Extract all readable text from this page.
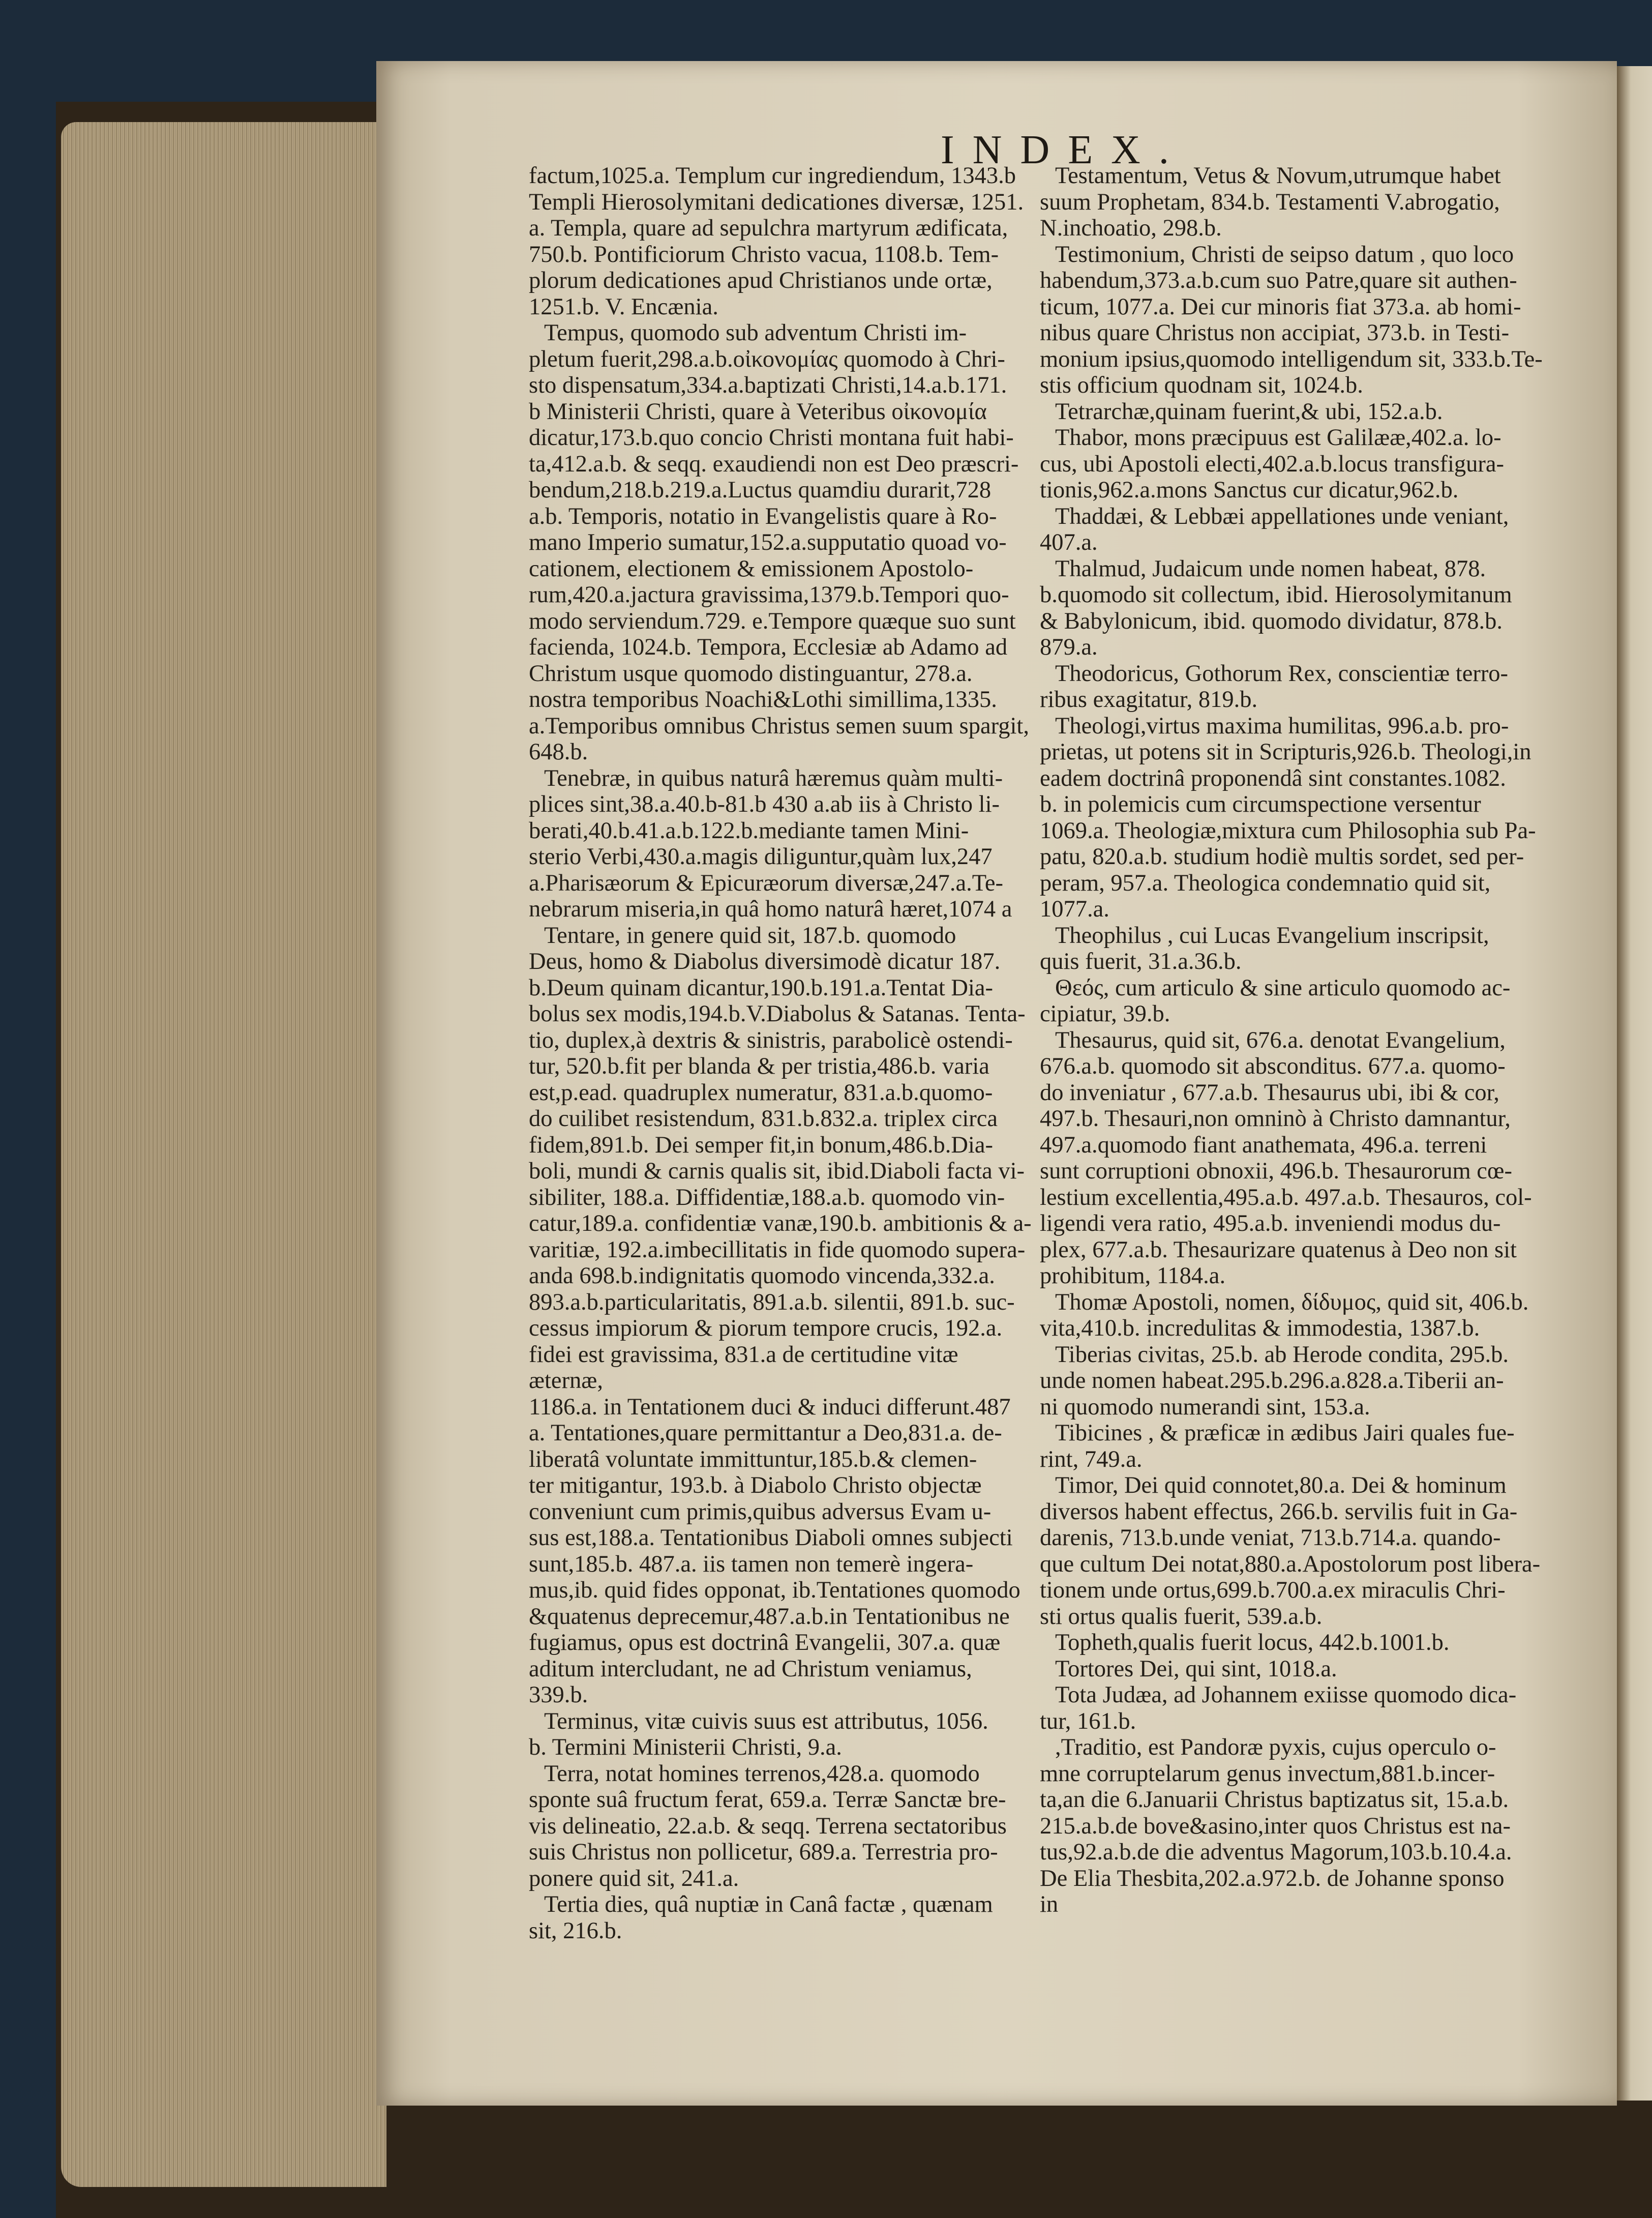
INDEX.

factum,1025.a. Templum cur ingrediendum, 1343.b

Templi Hierosolymitani dedicationes diversæ, 1251.

a. Templa, quare ad sepulchra martyrum ædificata,

750.b. Pontificiorum Christo vacua, 1108.b. Tem-

plorum dedicationes apud Christianos unde ortæ,

1251.b. V. Encænia.

Tempus, quomodo sub adventum Christi im-

pletum fuerit,298.a.b.οἰκονομίας quomodo à Chri-

sto dispensatum,334.a.baptizati Christi,14.a.b.171.

b Ministerii Christi, quare à Veteribus οἰκονομία

dicatur,173.b.quo concio Christi montana fuit habi-

ta,412.a.b. & seqq. exaudiendi non est Deo præscri-

bendum,218.b.219.a.Luctus quamdiu durarit,728

a.b. Temporis, notatio in Evangelistis quare à Ro-

mano Imperio sumatur,152.a.supputatio quoad vo-

cationem, electionem & emissionem Apostolo-

rum,420.a.jactura gravissima,1379.b.Tempori quo-

modo serviendum.729. e.Tempore quæque suo sunt

facienda, 1024.b. Tempora, Ecclesiæ ab Adamo ad

Christum usque quomodo distinguantur, 278.a.

nostra temporibus Noachi&Lothi simillima,1335.

a.Temporibus omnibus Christus semen suum spargit,

648.b.

Tenebræ, in quibus naturâ hæremus quàm multi-

plices sint,38.a.40.b-81.b 430 a.ab iis à Christo li-

berati,40.b.41.a.b.122.b.mediante tamen Mini-

sterio Verbi,430.a.magis diliguntur,quàm lux,247

a.Pharisæorum & Epicuræorum diversæ,247.a.Te-

nebrarum miseria,in quâ homo naturâ hæret,1074 a

Tentare, in genere quid sit, 187.b. quomodo

Deus, homo & Diabolus diversimodè dicatur 187.

b.Deum quinam dicantur,190.b.191.a.Tentat Dia-

bolus sex modis,194.b.V.Diabolus & Satanas. Tenta-

tio, duplex,à dextris & sinistris, parabolicè ostendi-

tur, 520.b.fit per blanda & per tristia,486.b. varia

est,p.ead. quadruplex numeratur, 831.a.b.quomo-

do cuilibet resistendum, 831.b.832.a. triplex circa

fidem,891.b. Dei semper fit,in bonum,486.b.Dia-

boli, mundi & carnis qualis sit, ibid.Diaboli facta vi-

sibiliter, 188.a. Diffidentiæ,188.a.b. quomodo vin-

catur,189.a. confidentiæ vanæ,190.b. ambitionis & a-

varitiæ, 192.a.imbecillitatis in fide quomodo supera-

anda 698.b.indignitatis quomodo vincenda,332.a.

893.a.b.particularitatis, 891.a.b. silentii, 891.b. suc-

cessus impiorum & piorum tempore crucis, 192.a.

fidei est gravissima, 831.a de certitudine vitæ æternæ,

1186.a. in Tentationem duci & induci differunt.487

a. Tentationes,quare permittantur a Deo,831.a. de-

liberatâ voluntate immittuntur,185.b.& clemen-

ter mitigantur, 193.b. à Diabolo Christo objectæ

conveniunt cum primis,quibus adversus Evam u-

sus est,188.a. Tentationibus Diaboli omnes subjecti

sunt,185.b. 487.a. iis tamen non temerè ingera-

mus,ib. quid fides opponat, ib.Tentationes quomodo

&quatenus deprecemur,487.a.b.in Tentationibus ne

fugiamus, opus est doctrinâ Evangelii, 307.a. quæ

aditum intercludant, ne ad Christum veniamus,

339.b.

Terminus, vitæ cuivis suus est attributus, 1056.

b. Termini Ministerii Christi, 9.a.

Terra, notat homines terrenos,428.a. quomodo

sponte suâ fructum ferat, 659.a. Terræ Sanctæ bre-

vis delineatio, 22.a.b. & seqq. Terrena sectatoribus

suis Christus non pollicetur, 689.a. Terrestria pro-

ponere quid sit, 241.a.

Tertia dies, quâ nuptiæ in Canâ factæ , quænam

sit, 216.b.

Testamentum, Vetus & Novum,utrumque habet

suum Prophetam, 834.b. Testamenti V.abrogatio,

N.inchoatio, 298.b.

Testimonium, Christi de seipso datum , quo loco

habendum,373.a.b.cum suo Patre,quare sit authen-

ticum, 1077.a. Dei cur minoris fiat 373.a. ab homi-

nibus quare Christus non accipiat, 373.b. in Testi-

monium ipsius,quomodo intelligendum sit, 333.b.Te-

stis officium quodnam sit, 1024.b.

Tetrarchæ,quinam fuerint,& ubi, 152.a.b.

Thabor, mons præcipuus est Galilææ,402.a. lo-

cus, ubi Apostoli electi,402.a.b.locus transfigura-

tionis,962.a.mons Sanctus cur dicatur,962.b.

Thaddæi, & Lebbæi appellationes unde veniant,

407.a.

Thalmud, Judaicum unde nomen habeat, 878.

b.quomodo sit collectum, ibid. Hierosolymitanum

& Babylonicum, ibid. quomodo dividatur, 878.b.

879.a.

Theodoricus, Gothorum Rex, conscientiæ terro-

ribus exagitatur, 819.b.

Theologi,virtus maxima humilitas, 996.a.b. pro-

prietas, ut potens sit in Scripturis,926.b. Theologi,in

eadem doctrinâ proponendâ sint constantes.1082.

b. in polemicis cum circumspectione versentur

1069.a. Theologiæ,mixtura cum Philosophia sub Pa-

patu, 820.a.b. studium hodiè multis sordet, sed per-

peram, 957.a. Theologica condemnatio quid sit,

1077.a.

Theophilus , cui Lucas Evangelium inscripsit,

quis fuerit, 31.a.36.b.

Θεός, cum articulo & sine articulo quomodo ac-

cipiatur, 39.b.

Thesaurus, quid sit, 676.a. denotat Evangelium,

676.a.b. quomodo sit absconditus. 677.a. quomo-

do inveniatur , 677.a.b. Thesaurus ubi, ibi & cor,

497.b. Thesauri,non omninò à Christo damnantur,

497.a.quomodo fiant anathemata, 496.a. terreni

sunt corruptioni obnoxii, 496.b. Thesaurorum cœ-

lestium excellentia,495.a.b. 497.a.b. Thesauros, col-

ligendi vera ratio, 495.a.b. inveniendi modus du-

plex, 677.a.b. Thesaurizare quatenus à Deo non sit

prohibitum, 1184.a.

Thomæ Apostoli, nomen, δίδυμος, quid sit, 406.b.

vita,410.b. incredulitas & immodestia, 1387.b.

Tiberias civitas, 25.b. ab Herode condita, 295.b.

unde nomen habeat.295.b.296.a.828.a.Tiberii an-

ni quomodo numerandi sint, 153.a.

Tibicines , & præficæ in ædibus Jairi quales fue-

rint, 749.a.

Timor, Dei quid connotet,80.a. Dei & hominum

diversos habent effectus, 266.b. servilis fuit in Ga-

darenis, 713.b.unde veniat, 713.b.714.a. quando-

que cultum Dei notat,880.a.Apostolorum post libera-

tionem unde ortus,699.b.700.a.ex miraculis Chri-

sti ortus qualis fuerit, 539.a.b.

Topheth,qualis fuerit locus, 442.b.1001.b.

Tortores Dei, qui sint, 1018.a.

Tota Judæa, ad Johannem exiisse quomodo dica-

tur, 161.b.

,Traditio, est Pandoræ pyxis, cujus operculo o-

mne corruptelarum genus invectum,881.b.incer-

ta,an die 6.Januarii Christus baptizatus sit, 15.a.b.

215.a.b.de bove&asino,inter quos Christus est na-

tus,92.a.b.de die adventus Magorum,103.b.10.4.a.

De Elia Thesbita,202.a.972.b. de Johanne sponso

in
